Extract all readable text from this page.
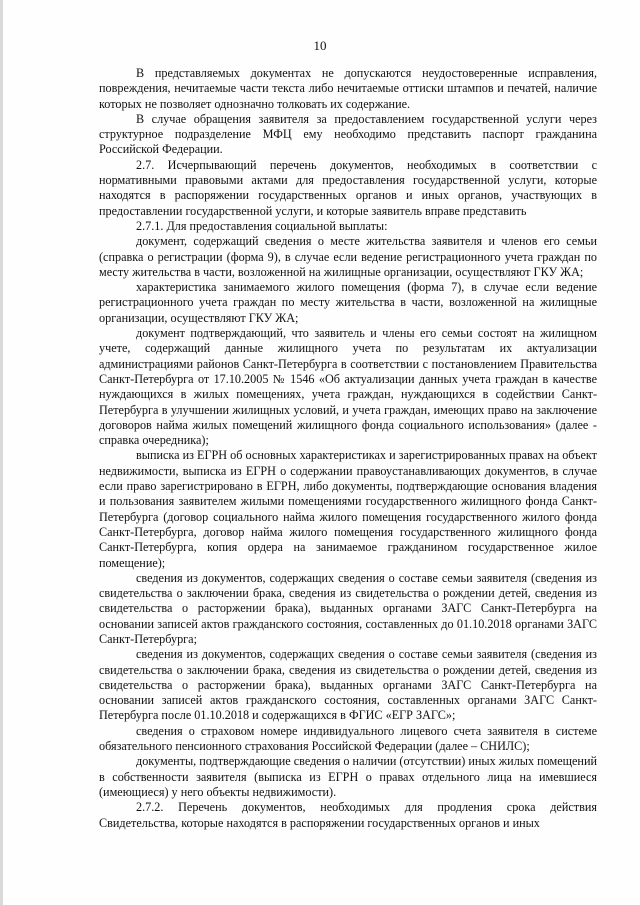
10

В представляемых документах не допускаются неудостоверенные исправления, повреждения, нечитаемые части текста либо нечитаемые оттиски штампов и печатей, наличие которых не позволяет однозначно толковать их содержание.

В случае обращения заявителя за предоставлением государственной услуги через структурное подразделение МФЦ ему необходимо представить паспорт гражданина Российской Федерации.

2.7. Исчерпывающий перечень документов, необходимых в соответствии с нормативными правовыми актами для предоставления государственной услуги, которые находятся в распоряжении государственных органов и иных органов, участвующих в предоставлении государственной услуги, и которые заявитель вправе представить

2.7.1. Для предоставления социальной выплаты:

документ, содержащий сведения о месте жительства заявителя и членов его семьи (справка о регистрации (форма 9), в случае если ведение регистрационного учета граждан по месту жительства в части, возложенной на жилищные организации, осуществляют ГКУ ЖА;

характеристика занимаемого жилого помещения (форма 7), в случае если ведение регистрационного учета граждан по месту жительства в части, возложенной на жилищные организации, осуществляют ГКУ ЖА;

документ подтверждающий, что заявитель и члены его семьи состоят на жилищном учете, содержащий данные жилищного учета по результатам их актуализации администрациями районов Санкт-Петербурга в соответствии с постановлением Правительства Санкт-Петербурга от 17.10.2005 № 1546 «Об актуализации данных учета граждан в качестве нуждающихся в жилых помещениях, учета граждан, нуждающихся в содействии Санкт-Петербурга в улучшении жилищных условий, и учета граждан, имеющих право на заключение договоров найма жилых помещений жилищного фонда социального использования» (далее - справка очередника);

выписка из ЕГРН об основных характеристиках и зарегистрированных правах на объект недвижимости, выписка из ЕГРН о содержании правоустанавливающих документов, в случае если право зарегистрировано в ЕГРН, либо документы, подтверждающие основания владения и пользования заявителем жилыми помещениями государственного жилищного фонда Санкт-Петербурга (договор социального найма жилого помещения государственного жилого фонда Санкт-Петербурга, договор найма жилого помещения государственного жилищного фонда Санкт-Петербурга, копия ордера на занимаемое гражданином государственное жилое помещение);

сведения из документов, содержащих сведения о составе семьи заявителя (сведения из свидетельства о заключении брака, сведения из свидетельства о рождении детей, сведения из свидетельства о расторжении брака), выданных органами ЗАГС Санкт-Петербурга на основании записей актов гражданского состояния, составленных до 01.10.2018 органами ЗАГС Санкт-Петербурга;

сведения из документов, содержащих сведения о составе семьи заявителя (сведения из свидетельства о заключении брака, сведения из свидетельства о рождении детей, сведения из свидетельства о расторжении брака), выданных органами ЗАГС Санкт-Петербурга на основании записей актов гражданского состояния, составленных органами ЗАГС Санкт-Петербурга после 01.10.2018 и содержащихся в ФГИС «ЕГР ЗАГС»;

сведения о страховом номере индивидуального лицевого счета заявителя в системе обязательного пенсионного страхования Российской Федерации (далее – СНИЛС);

документы, подтверждающие сведения о наличии (отсутствии) иных жилых помещений в собственности заявителя (выписка из ЕГРН о правах отдельного лица на имевшиеся (имеющиеся) у него объекты недвижимости).

2.7.2. Перечень документов, необходимых для продления срока действия Свидетельства, которые находятся в распоряжении государственных органов и иных
